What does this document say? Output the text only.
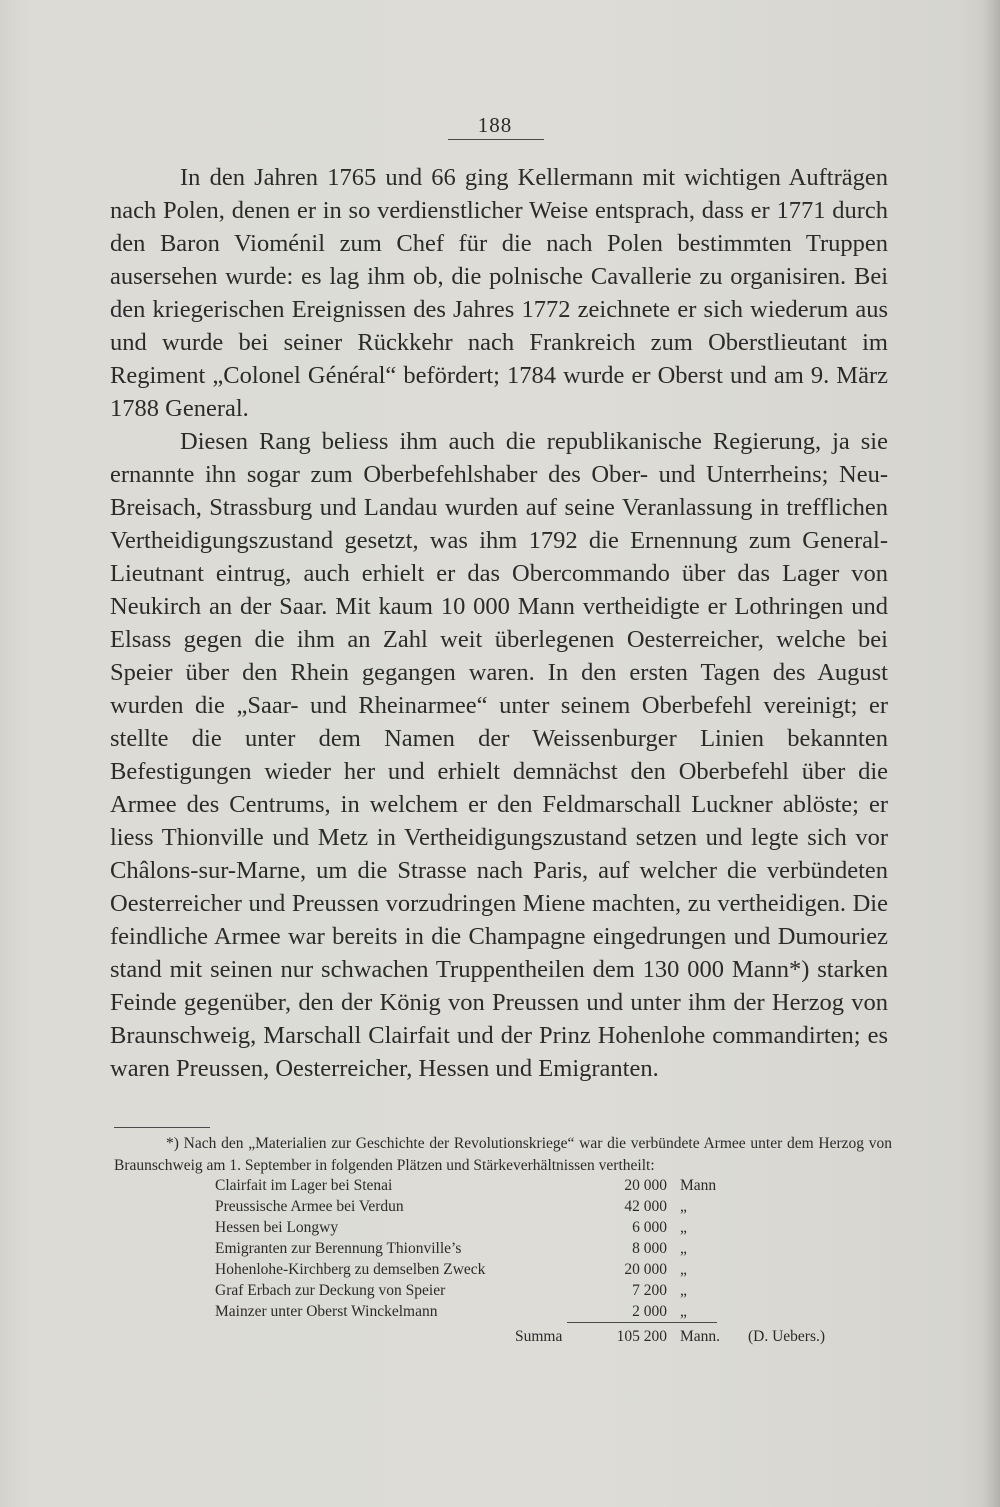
188

In den Jahren 1765 und 66 ging Kellermann mit wichtigen Aufträgen nach Polen, denen er in so verdienstlicher Weise entsprach, dass er 1771 durch den Baron Vioménil zum Chef für die nach Polen bestimmten Truppen ausersehen wurde: es lag ihm ob, die polnische Cavallerie zu organisiren. Bei den kriegerischen Ereignissen des Jahres 1772 zeichnete er sich wiederum aus und wurde bei seiner Rückkehr nach Frankreich zum Oberstlieutant im Regiment „Colonel Général“ befördert; 1784 wurde er Oberst und am 9. März 1788 General.

Diesen Rang beliess ihm auch die republikanische Regierung, ja sie ernannte ihn sogar zum Oberbefehlshaber des Ober- und Unterrheins; Neu-Breisach, Strassburg und Landau wurden auf seine Veranlassung in trefflichen Vertheidigungszustand gesetzt, was ihm 1792 die Ernennung zum General-Lieutnant eintrug, auch erhielt er das Obercommando über das Lager von Neukirch an der Saar. Mit kaum 10 000 Mann vertheidigte er Lothringen und Elsass gegen die ihm an Zahl weit überlegenen Oesterreicher, welche bei Speier über den Rhein gegangen waren. In den ersten Tagen des August wurden die „Saar- und Rheinarmee“ unter seinem Oberbefehl vereinigt; er stellte die unter dem Namen der Weissenburger Linien bekannten Befestigungen wieder her und erhielt demnächst den Oberbefehl über die Armee des Centrums, in welchem er den Feldmarschall Luckner ablöste; er liess Thionville und Metz in Vertheidigungszustand setzen und legte sich vor Châlons-sur-Marne, um die Strasse nach Paris, auf welcher die verbündeten Oesterreicher und Preussen vorzudringen Miene machten, zu vertheidigen. Die feindliche Armee war bereits in die Champagne eingedrungen und Dumouriez stand mit seinen nur schwachen Truppentheilen dem 130 000 Mann*) starken Feinde gegenüber, den der König von Preussen und unter ihm der Herzog von Braunschweig, Marschall Clairfait und der Prinz Hohenlohe commandirten; es waren Preussen, Oesterreicher, Hessen und Emigranten.

*) Nach den „Materialien zur Geschichte der Revolutionskriege“ war die verbündete Armee unter dem Herzog von Braunschweig am 1. September in folgenden Plätzen und Stärkeverhältnissen vertheilt:

Clairfait im Lager bei Stenai	20 000 Mann
Preussische Armee bei Verdun	42 000 „
Hessen bei Longwy	6 000 „
Emigranten zur Berennung Thionville’s	8 000 „
Hohenlohe-Kirchberg zu demselben Zweck	20 000 „
Graf Erbach zur Deckung von Speier	7 200 „
Mainzer unter Oberst Winckelmann	2 000 „
Summa	105 200 Mann. (D. Uebers.)
